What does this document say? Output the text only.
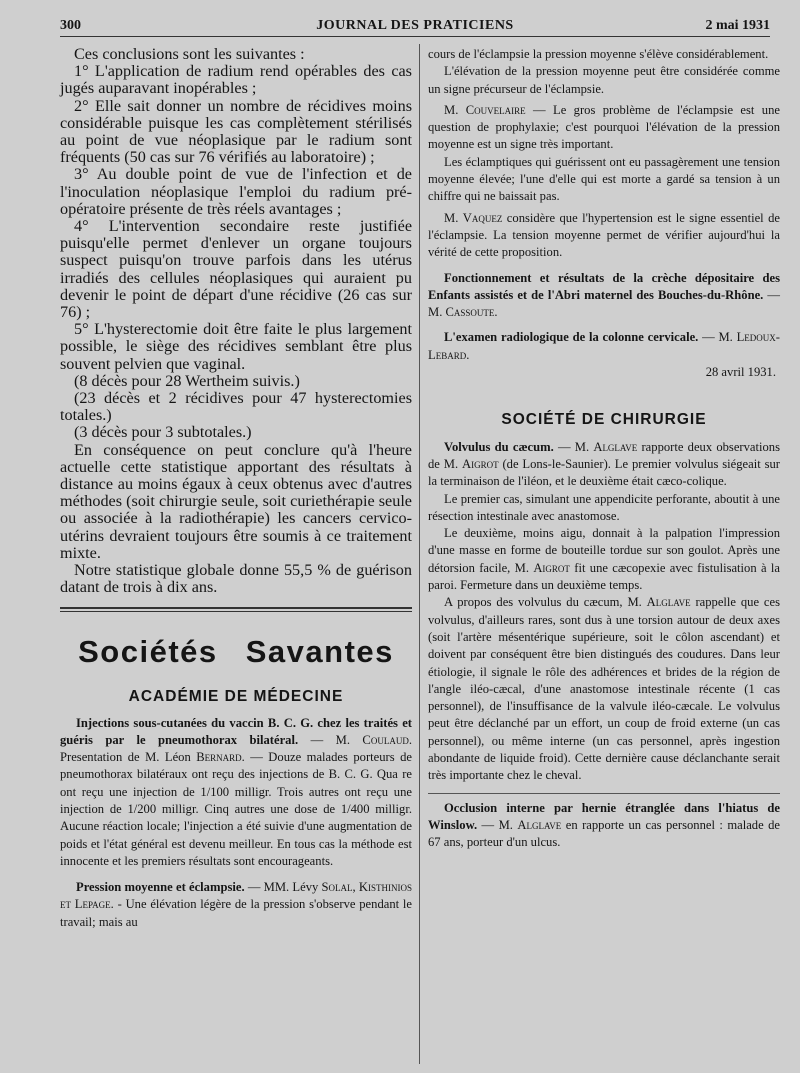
300	JOURNAL DES PRATICIENS	2 mai 1931

Ces conclusions sont les suivantes :

1° L'application de radium rend opérables des cas jugés auparavant inopérables ;

2° Elle sait donner un nombre de récidives moins considérable puisque les cas complètement stérilisés au point de vue néoplasique par le radium sont fréquents (50 cas sur 76 vérifiés au laboratoire) ;

3° Au double point de vue de l'infection et de l'inoculation néoplasique l'emploi du radium pré-opératoire présente de très réels avantages ;

4° L'intervention secondaire reste justifiée puisqu'elle permet d'enlever un organe toujours suspect puisqu'on trouve parfois dans les utérus irradiés des cellules néoplasiques qui auraient pu devenir le point de départ d'une récidive (26 cas sur 76) ;

5° L'hysterectomie doit être faite le plus largement possible, le siège des récidives semblant être plus souvent pelvien que vaginal.

(8 décès pour 28 Wertheim suivis.)

(23 décès et 2 récidives pour 47 hysterectomies totales.)

(3 décès pour 3 subtotales.)

En conséquence on peut conclure qu'à l'heure actuelle cette statistique apportant des résultats à distance au moins égaux à ceux obtenus avec d'autres méthodes (soit chirurgie seule, soit curiethérapie seule ou associée à la radiothérapie) les cancers cervico-utérins devraient toujours être soumis à ce traitement mixte.

Notre statistique globale donne 55,5 % de guérison datant de trois à dix ans.

Sociétés Savantes
ACADÉMIE DE MÉDECINE

Injections sous-cutanées du vaccin B. C. G. chez les traités et guéris par le pneumothorax bilatéral. — M. Coulaud. Presentation de M. Léon Bernard. — Douze malades porteurs de pneumothorax bilatéraux ont reçu des injections de B. C. G. Qua re ont reçu une injection de 1/100 milligr. Trois autres ont reçu une injection de 1/200 milligr. Cinq autres une dose de 1/400 milligr. Aucune réaction locale; l'injection a été suivie d'une augmentation de poids et l'état général est devenu meilleur. En tous cas la méthode est innocente et les premiers résultats sont encourageants.

Pression moyenne et éclampsie. — MM. Lévy Solal, Kisthinios et Lepage. - Une élévation légère de la pression s'observe pendant le travail; mais au

cours de l'éclampsie la pression moyenne s'élève considérablement.

L'élévation de la pression moyenne peut être considérée comme un signe précurseur de l'éclampsie.

M. Couvelaire — Le gros problème de l'éclampsie est une question de prophylaxie; c'est pourquoi l'élévation de la pression moyenne est un signe très important.

Les éclamptiques qui guérissent ont eu passagèrement une tension moyenne élevée; l'une d'elle qui est morte a gardé sa tension à un chiffre qui ne baissait pas.

M. Vaquez considère que l'hypertension est le signe essentiel de l'éclampsie. La tension moyenne permet de vérifier aujourd'hui la vérité de cette proposition.

Fonctionnement et résultats de la crèche dépositaire des Enfants assistés et de l'Abri maternel des Bouches-du-Rhône. — M. Cassoute.

L'examen radiologique de la colonne cervicale. — M. Ledoux-Lebard.

28 avril 1931.
SOCIÉTÉ DE CHIRURGIE

Volvulus du cæcum. — M. Alglave rapporte deux observations de M. Aigrot (de Lons-le-Saunier). Le premier volvulus siégeait sur la terminaison de l'iléon, et le deuxième était cæco-colique.

Le premier cas, simulant une appendicite perforante, aboutit à une résection intestinale avec anastomose.

Le deuxième, moins aigu, donnait à la palpation l'impression d'une masse en forme de bouteille tordue sur son goulot. Après une détorsion facile, M. Aigrot fit une cæcopexie avec fistulisation à la paroi. Fermeture dans un deuxième temps.

A propos des volvulus du cæcum, M. Alglave rappelle que ces volvulus, d'ailleurs rares, sont dus à une torsion autour de deux axes (soit l'artère mésentérique supérieure, soit le côlon ascendant) et doivent par conséquent être bien distingués des coudures. Dans leur étiologie, il signale le rôle des adhérences et brides de la région de l'angle iléo-cæcal, d'une anastomose intestinale récente (1 cas personnel), de l'insuffisance de la valvule iléo-cæcale. Le volvulus peut être déclanché par un effort, un coup de froid externe (un cas personnel), ou même interne (un cas personnel, après ingestion abondante de liquide froid). Cette dernière cause déclanchante serait très importante chez le cheval.

Occlusion interne par hernie étranglée dans l'hiatus de Winslow. — M. Alglave en rapporte un cas personnel : malade de 67 ans, porteur d'un ulcus.
